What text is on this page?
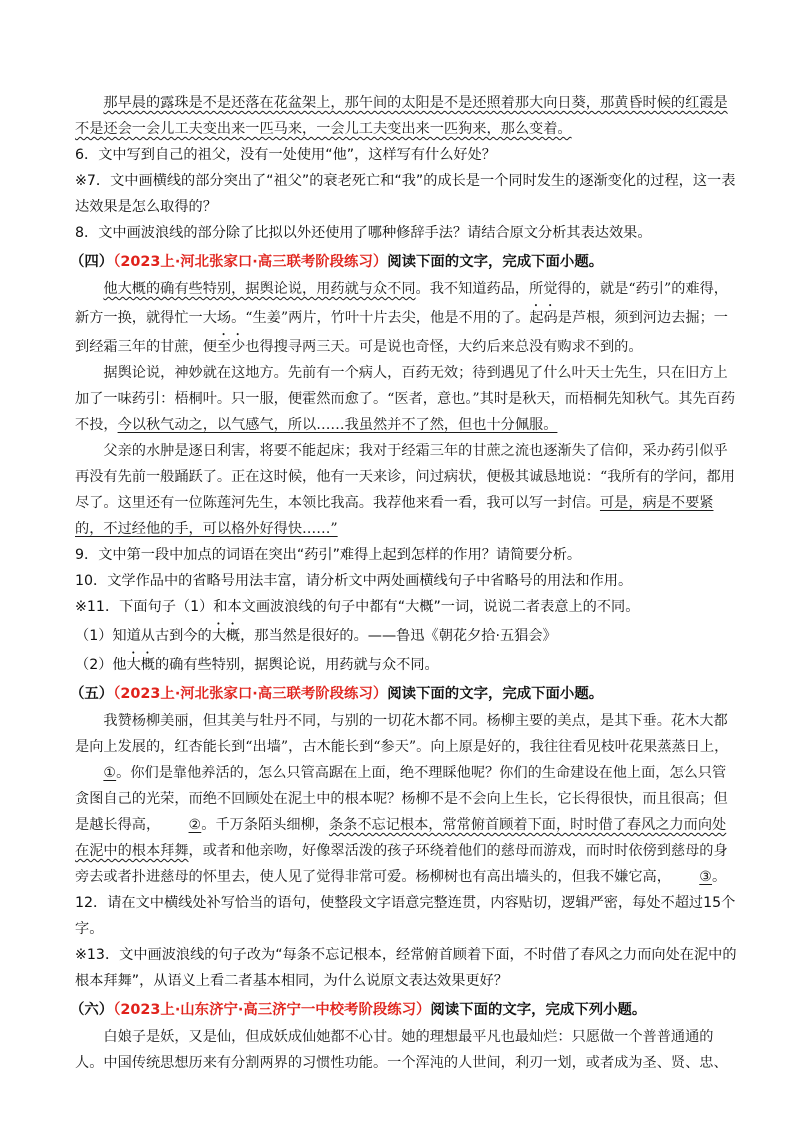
那早晨的露珠是不是还落在花盆架上，那午间的太阳是不是还照着那大向日葵，那黄昏时候的红霞是不是还会一会儿工夫变出来一匹马来，一会儿工夫变出来一匹狗来，那么变着。

6．文中写到自己的祖父，没有一处使用“他”，这样写有什么好处？

※7．文中画横线的部分突出了“祖父”的衰老死亡和“我”的成长是一个同时发生的逐渐变化的过程，这一表达效果是怎么取得的？

8．文中画波浪线的部分除了比拟以外还使用了哪种修辞手法？请结合原文分析其表达效果。

（四）（2023上·河北张家口·高三联考阶段练习）阅读下面的文字，完成下面小题。

他大概的确有些特别，据舆论说，用药就与众不同。我不知道药品，所觉得的，就是“药引”的难得，新方一换，就得忙一大场。“生姜”两片，竹叶十片去尖，他是不用的了。起码是芦根，须到河边去掘；一到经霜三年的甘蔗，便至少也得搜寻两三天。可是说也奇怪，大约后来总没有购求不到的。

据舆论说，神妙就在这地方。先前有一个病人，百药无效；待到遇见了什么叶天士先生，只在旧方上加了一味药引：梧桐叶。只一服，便霍然而愈了。“医者，意也。”其时是秋天，而梧桐先知秋气。其先百药不投，今以秋气动之，以气感气，所以……我虽然并不了然，但也十分佩服。

父亲的水肿是逐日利害，将要不能起床；我对于经霜三年的甘蔗之流也逐渐失了信仰，采办药引似乎再没有先前一般踊跃了。正在这时候，他有一天来诊，问过病状，便极其诚恳地说：“我所有的学问，都用尽了。这里还有一位陈莲河先生，本领比我高。我荐他来看一看，我可以写一封信。可是，病是不要紧的，不过经他的手，可以格外好得快……”

9．文中第一段中加点的词语在突出“药引”难得上起到怎样的作用？请简要分析。

10．文学作品中的省略号用法丰富，请分析文中两处画横线句子中省略号的用法和作用。

※11．下面句子（1）和本文画波浪线的句子中都有“大概”一词，说说二者表意上的不同。

（1）知道从古到今的大概，那当然是很好的。——鲁迅《朝花夕拾·五猖会》

（2）他大概的确有些特别，据舆论说，用药就与众不同。

（五）（2023上·河北张家口·高三联考阶段练习）阅读下面的文字，完成下面小题。

我赞杨柳美丽，但其美与牡丹不同，与别的一切花木都不同。杨柳主要的美点，是其下垂。花木大都是向上发展的，红杏能长到“出墙”，古木能长到“参天”。向上原是好的，我往往看见枝叶花果蒸蒸日上，①。你们是靠他养活的，怎么只管高踞在上面，绝不理睬他呢？你们的生命建设在他上面，怎么只管贪图自己的光荣，而绝不回顾处在泥土中的根本呢？杨柳不是不会向上生长，它长得很快，而且很高；但是越长得高， ②。千万条陌头细柳，条条不忘记根本，常常俯首顾着下面，时时借了春风之力而向处在泥中的根本拜舞，或者和他亲吻，好像翠活泼的孩子环绕着他们的慈母而游戏，而时时依傍到慈母的身旁去或者扑进慈母的怀里去，使人见了觉得非常可爱。杨柳树也有高出墙头的，但我不嫌它高， ③。

12．请在文中横线处补写恰当的语句，使整段文字语意完整连贯，内容贴切，逻辑严密，每处不超过15个字。

※13．文中画波浪线的句子改为“每条不忘记根本，经常俯首顾着下面，不时借了春风之力而向处在泥中的根本拜舞”，从语义上看二者基本相同，为什么说原文表达效果更好？

（六）（2023上·山东济宁·高三济宁一中校考阶段练习）阅读下面的文字，完成下列小题。

白娘子是妖，又是仙，但成妖成仙她都不心甘。她的理想最平凡也最灿烂：只愿做一个普普通通的人。中国传统思想历来有分割两界的习惯性功能。一个浑沌的人世间，利刃一划，或者成为圣、贤、忠、
